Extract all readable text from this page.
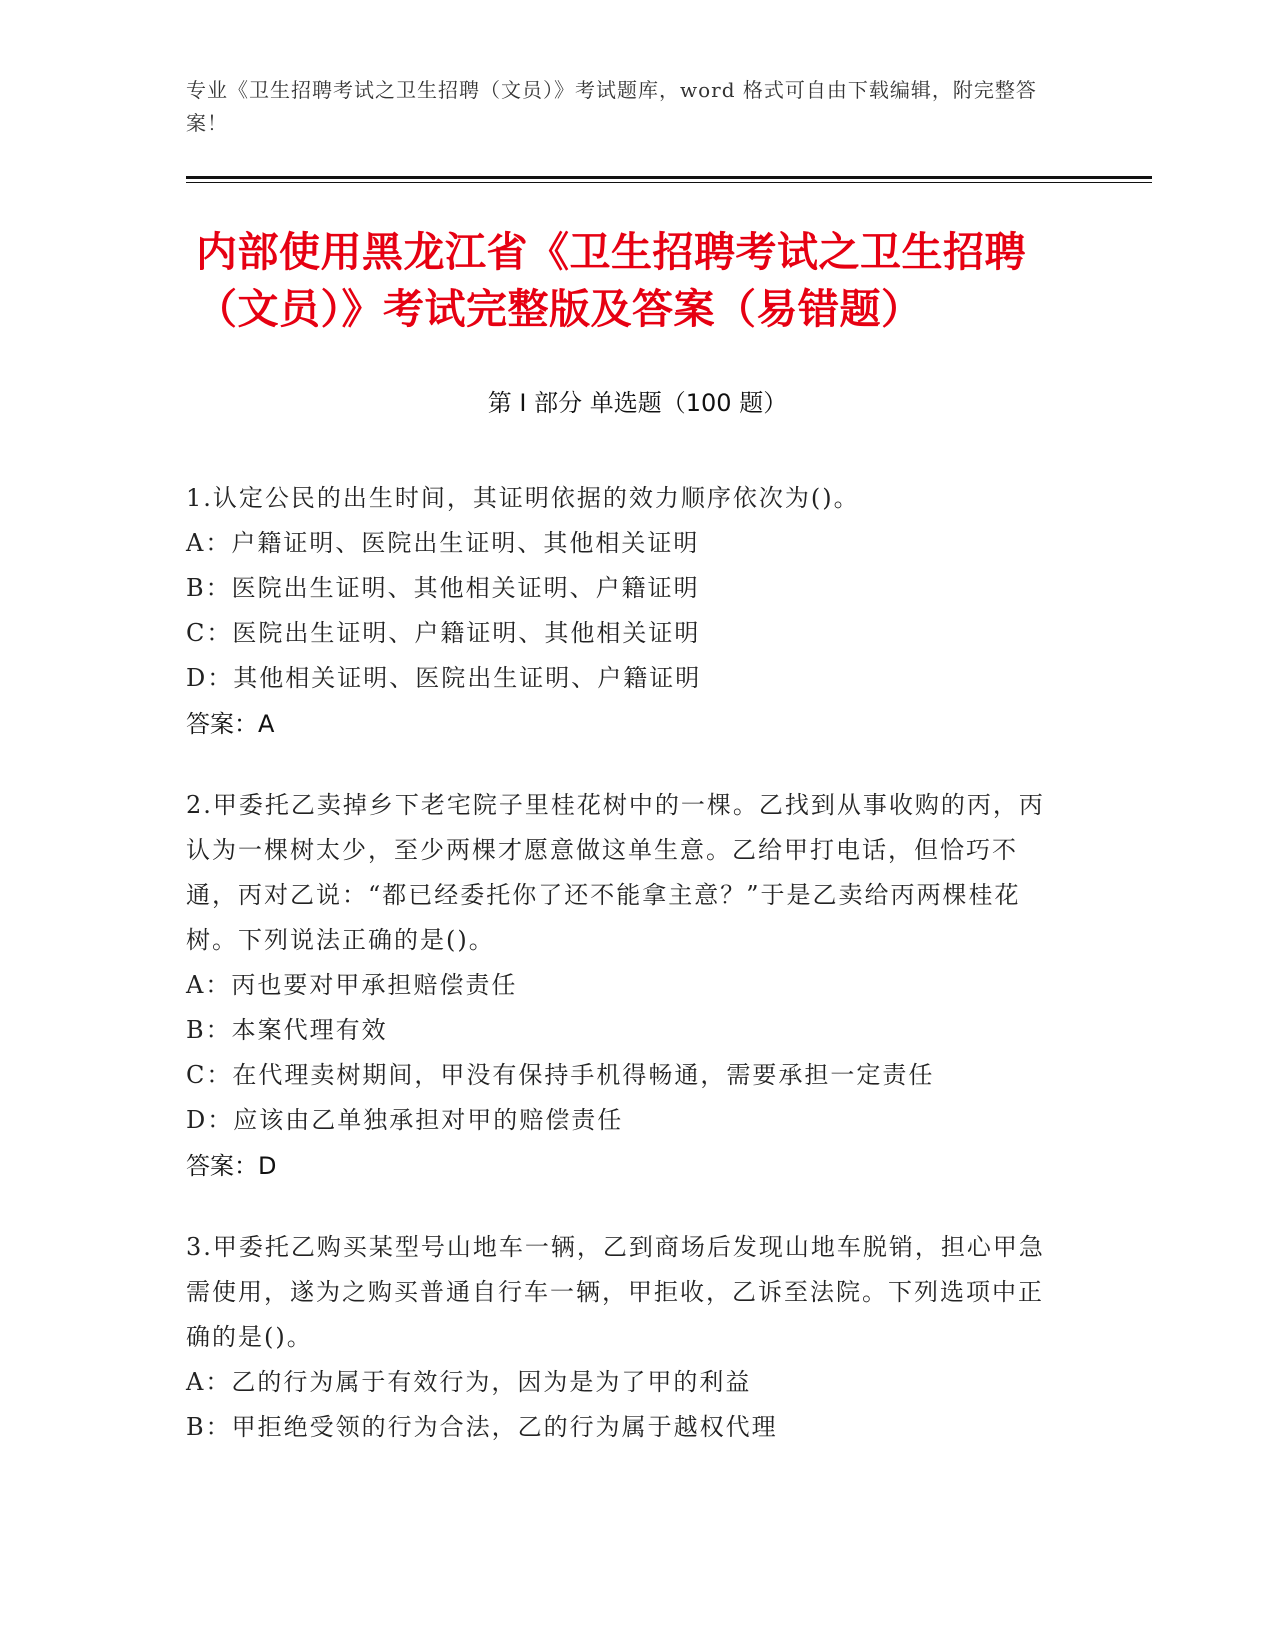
专业《卫生招聘考试之卫生招聘（文员）》考试题库，word 格式可自由下载编辑，附完整答案！
内部使用黑龙江省《卫生招聘考试之卫生招聘（文员）》考试完整版及答案（易错题）
第 I 部分 单选题（100 题）

1.认定公民的出生时间，其证明依据的效力顺序依次为()。

A：户籍证明、医院出生证明、其他相关证明

B：医院出生证明、其他相关证明、户籍证明

C：医院出生证明、户籍证明、其他相关证明

D：其他相关证明、医院出生证明、户籍证明

答案：A

2.甲委托乙卖掉乡下老宅院子里桂花树中的一棵。乙找到从事收购的丙，丙认为一棵树太少，至少两棵才愿意做这单生意。乙给甲打电话，但恰巧不通，丙对乙说：“都已经委托你了还不能拿主意？”于是乙卖给丙两棵桂花树。下列说法正确的是()。

A：丙也要对甲承担赔偿责任

B：本案代理有效

C：在代理卖树期间，甲没有保持手机得畅通，需要承担一定责任

D：应该由乙单独承担对甲的赔偿责任

答案：D

3.甲委托乙购买某型号山地车一辆，乙到商场后发现山地车脱销，担心甲急需使用，遂为之购买普通自行车一辆，甲拒收，乙诉至法院。下列选项中正确的是()。

A：乙的行为属于有效行为，因为是为了甲的利益

B：甲拒绝受领的行为合法，乙的行为属于越权代理
